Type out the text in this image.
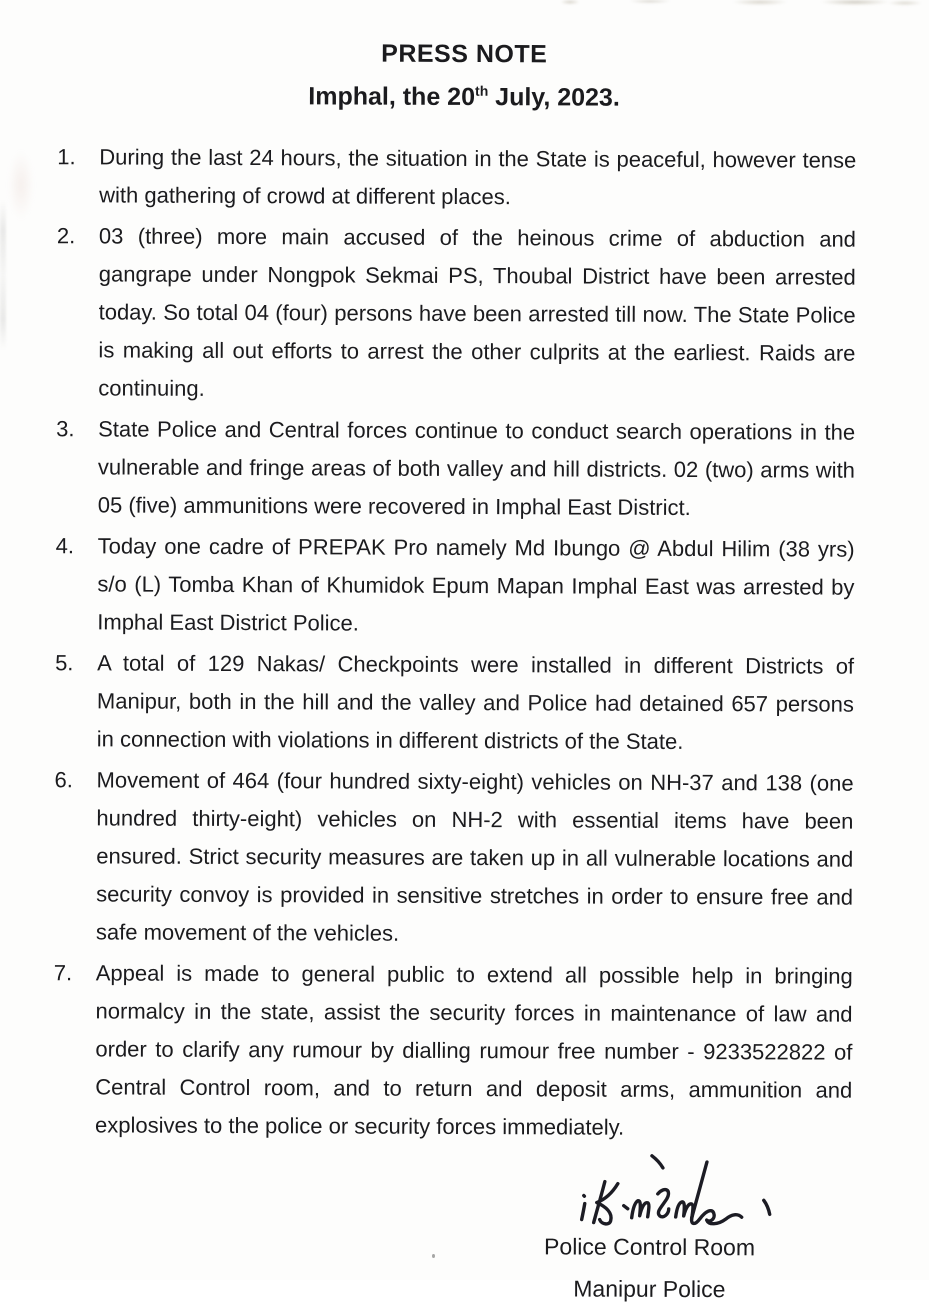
PRESS NOTE
Imphal, the 20th July, 2023.
1.	During the last 24 hours, the situation in the State is peaceful, however tense with gathering of crowd at different places.
2.	03 (three) more main accused of the heinous crime of abduction and gangrape under Nongpok Sekmai PS, Thoubal District have been arrested today. So total 04 (four) persons have been arrested till now. The State Police is making all out efforts to arrest the other culprits at the earliest. Raids are continuing.
3.	State Police and Central forces continue to conduct search operations in the vulnerable and fringe areas of both valley and hill districts. 02 (two) arms with 05 (five) ammunitions were recovered in Imphal East District.
4.	Today one cadre of PREPAK Pro namely Md Ibungo @ Abdul Hilim (38 yrs) s/o (L) Tomba Khan of Khumidok Epum Mapan Imphal East was arrested by Imphal East District Police.
5.	A total of 129 Nakas/ Checkpoints were installed in different Districts of Manipur, both in the hill and the valley and Police had detained 657 persons in connection with violations in different districts of the State.
6.	Movement of 464 (four hundred sixty-eight) vehicles on NH-37 and 138 (one hundred thirty-eight) vehicles on NH-2 with essential items have been ensured. Strict security measures are taken up in all vulnerable locations and security convoy is provided in sensitive stretches in order to ensure free and safe movement of the vehicles.
7.	Appeal is made to general public to extend all possible help in bringing normalcy in the state, assist the security forces in maintenance of law and order to clarify any rumour by dialling rumour free number - 9233522822 of Central Control room, and to return and deposit arms, ammunition and explosives to the police or security forces immediately.
Police Control Room
Manipur Police
